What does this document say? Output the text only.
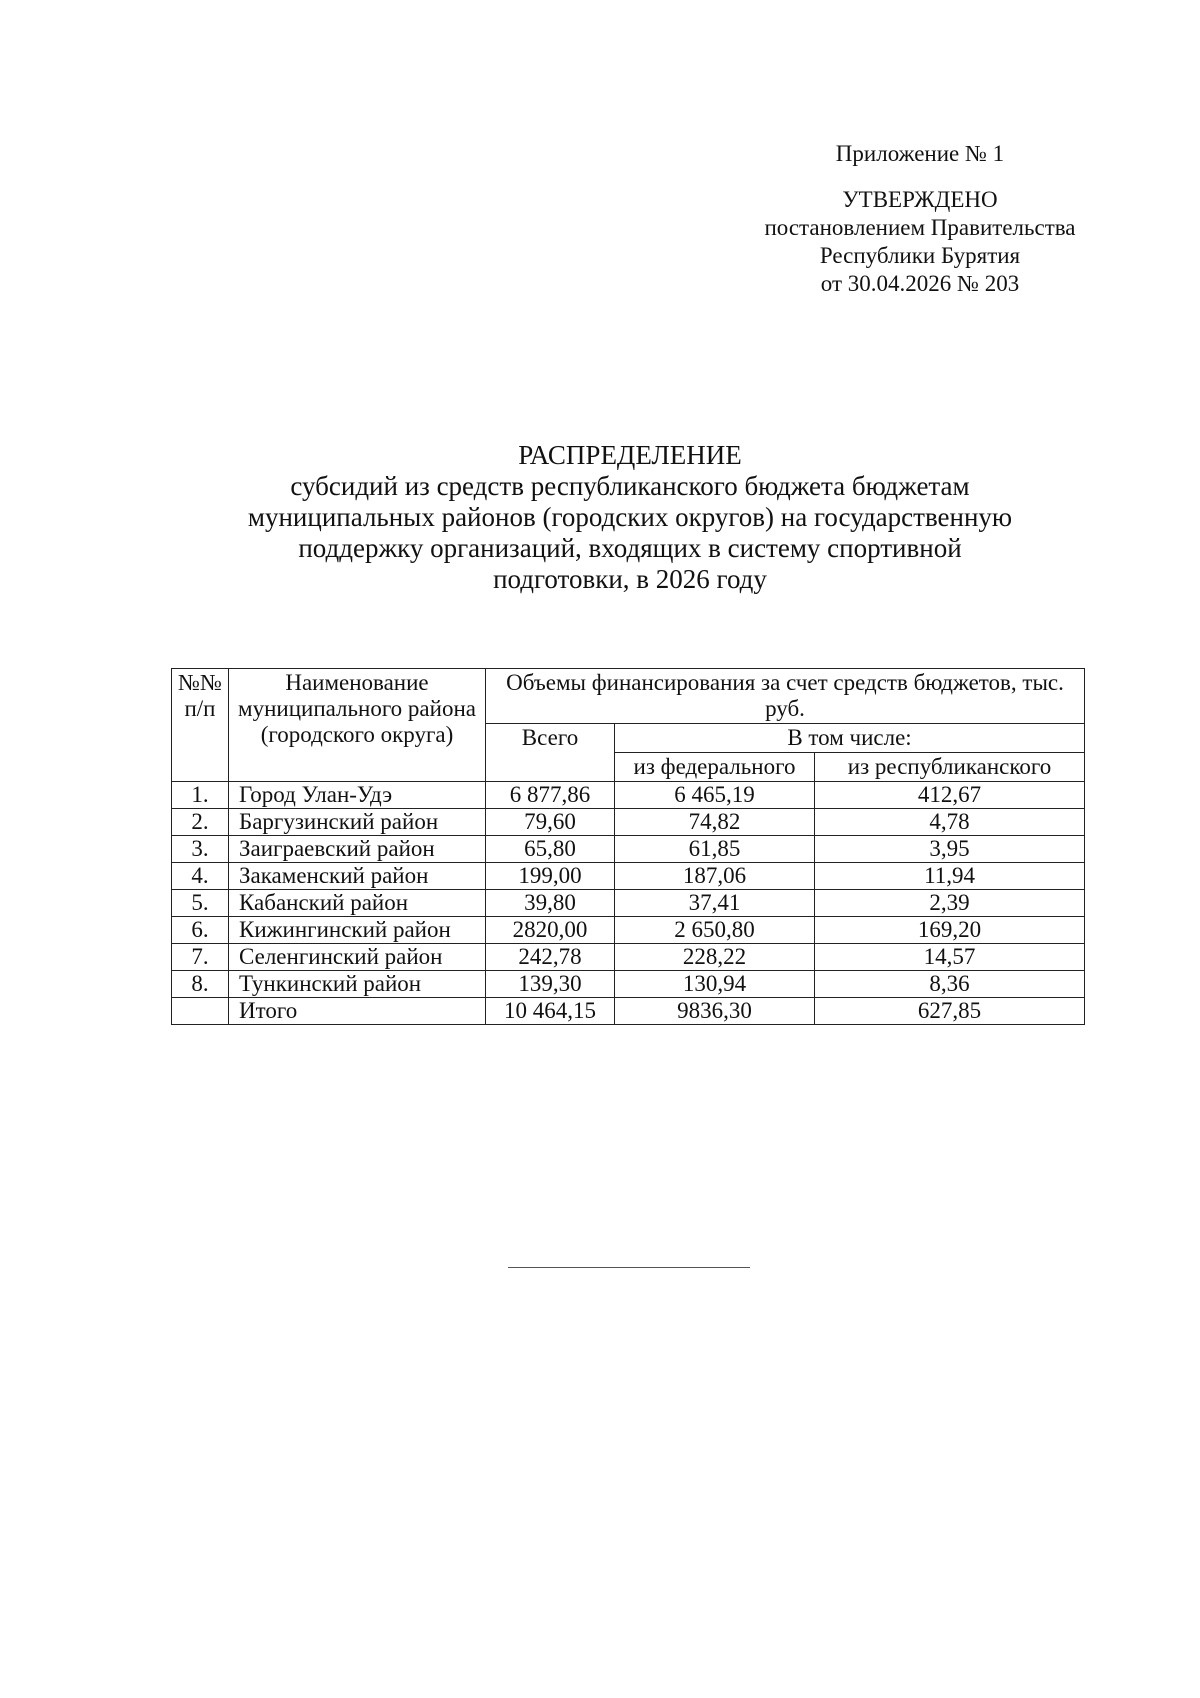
Приложение № 1
УТВЕРЖДЕНО
постановлением Правительства
Республики Бурятия
от 30.04.2026 № 203
РАСПРЕДЕЛЕНИЕ
субсидий из средств республиканского бюджета бюджетам
муниципальных районов (городских округов) на государственную
поддержку организаций, входящих в систему спортивной
подготовки, в 2026 году
№№ п/п	Наименование муниципального района (городского округа)	Объемы финансирования за счет средств бюджетов, тыс. руб.		
		Всего	В том числе:	
			из федерального	из республиканского
1.	Город Улан-Удэ	6 877,86	6 465,19	412,67
2.	Баргузинский район	79,60	74,82	4,78
3.	Заиграевский район	65,80	61,85	3,95
4.	Закаменский район	199,00	187,06	11,94
5.	Кабанский район	39,80	37,41	2,39
6.	Кижингинский район	2820,00	2 650,80	169,20
7.	Селенгинский район	242,78	228,22	14,57
8.	Тункинский район	139,30	130,94	8,36
	Итого	10 464,15	9836,30	627,85
